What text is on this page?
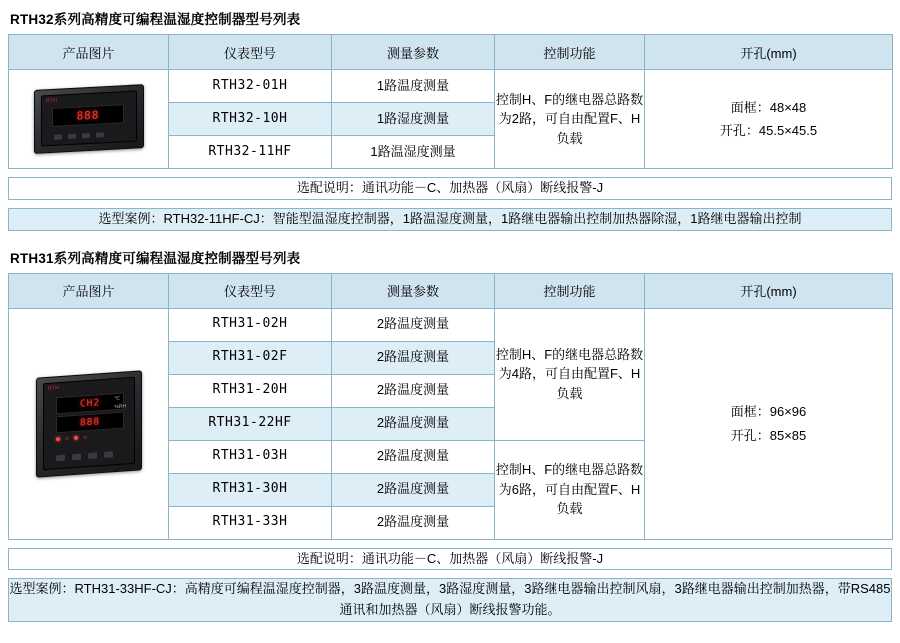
RTH32系列高精度可编程温湿度控制器型号列表
产品图片	仪表型号	测量参数	控制功能	开孔(mm)

RTH
888
	RTH32-01H	1路温度测量	控制H、F的继电器总路数为2路，可自由配置F、H负载	
面框：48×48
开孔：45.5×45.5

	RTH32-10H	1路湿度测量		
	RTH32-11HF	1路温湿度测量		
选配说明：通讯功能－C、加热器（风扇）断线报警-J
选型案例：RTH32-11HF-CJ：智能型温湿度控制器，1路温湿度测量，1路继电器输出控制加热器除湿，1路继电器输出控制
RTH31系列高精度可编程温湿度控制器型号列表
产品图片	仪表型号	测量参数	控制功能	开孔(mm)

RTH
CH2
888
℃
%RH
	RTH31-02H	2路温度测量	控制H、F的继电器总路数为4路，可自由配置F、H负载	
面框：96×96
开孔：85×85

	RTH31-02F	2路温度测量		
	RTH31-20H	2路温度测量		
	RTH31-22HF	2路温度测量		
	RTH31-03H	2路温度测量	控制H、F的继电器总路数为6路，可自由配置F、H负载	
	RTH31-30H	2路温度测量		
	RTH31-33H	2路温度测量		
选配说明：通讯功能－C、加热器（风扇）断线报警-J
选型案例：RTH31-33HF-CJ：高精度可编程温湿度控制器，3路温度测量，3路湿度测量，3路继电器输出控制风扇，3路继电器输出控制加热器，带RS485通讯和加热器（风扇）断线报警功能。
